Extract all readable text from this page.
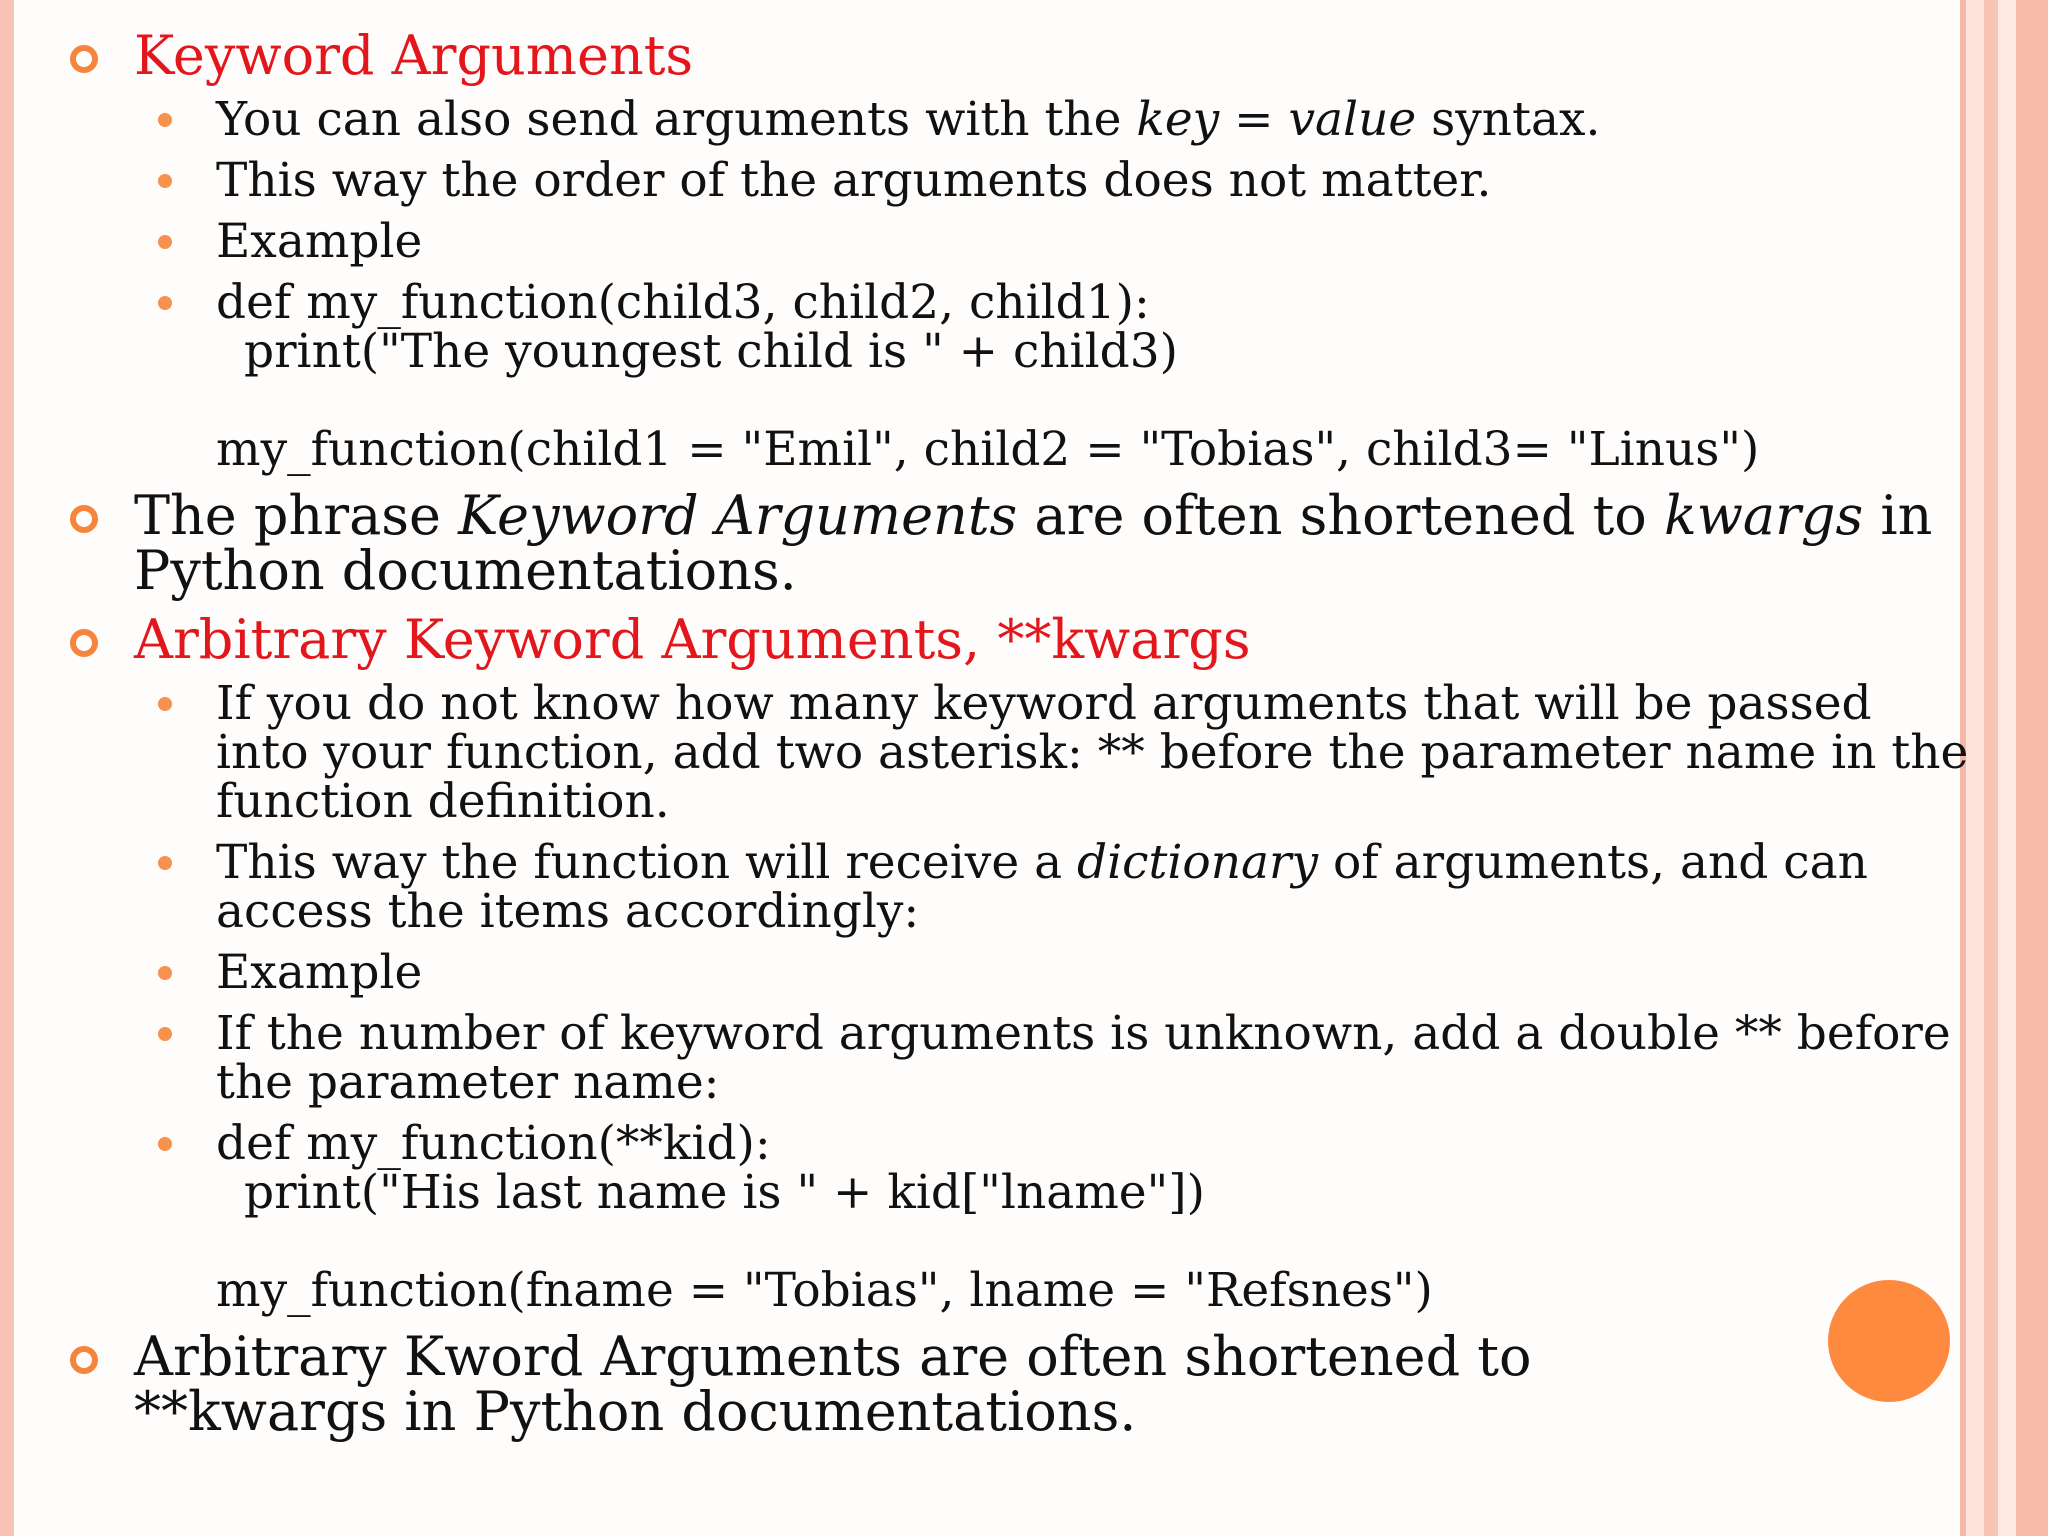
Keyword Arguments
You can also send arguments with the key = value syntax.
This way the order of the arguments does not matter.
Example
def my_function(child3, child2, child1):
print("The youngest child is " + child3)
my_function(child1 = "Emil", child2 = "Tobias", child3= "Linus")
The phrase Keyword Arguments are often shortened to kwargs in Python documentations.
Arbitrary Keyword Arguments, **kwargs
If you do not know how many keyword arguments that will be passed into your function, add two asterisk: ** before the parameter name in the function definition.
This way the function will receive a dictionary of arguments, and can access the items accordingly:
Example
If the number of keyword arguments is unknown, add a double ** before the parameter name:
def my_function(**kid):
print("His last name is " + kid["lname"])
my_function(fname = "Tobias", lname = "Refsnes")
Arbitrary Kword Arguments are often shortened to **kwargs in Python documentations.
